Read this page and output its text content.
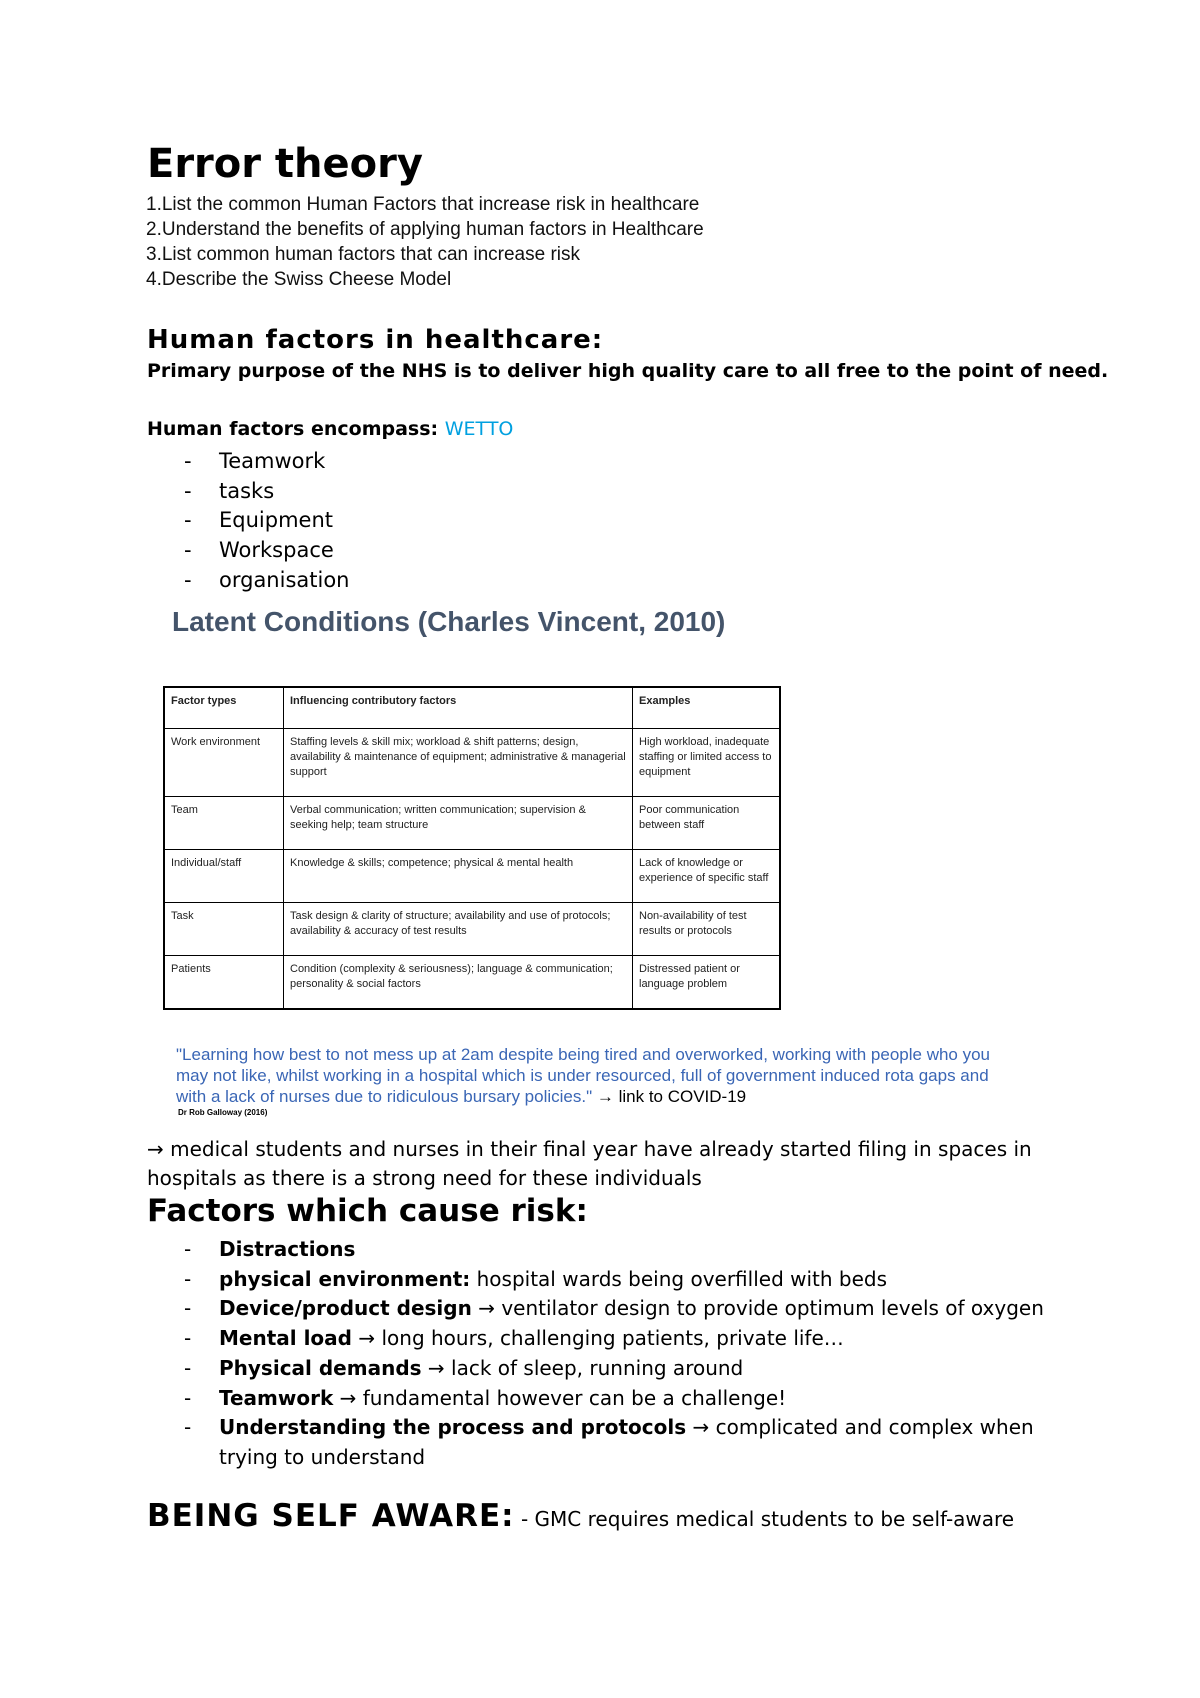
Error theory
1.List the common Human Factors that increase risk in healthcare
2.Understand the benefits of applying human factors in Healthcare
3.List common human factors that can increase risk
4.Describe the Swiss Cheese Model
Human factors in healthcare:

Primary purpose of the NHS is to deliver high quality care to all free to the point of need.

Human factors encompass: WETTO

- Teamwork
- tasks
- Equipment
- Workspace
- organisation
Latent Conditions (Charles Vincent, 2010)
Factor types	Influencing contributory factors	Examples
Work environment	Staffing levels & skill mix; workload & shift patterns; design, availability & maintenance of equipment; administrative & managerial support	High workload, inadequate staffing or limited access to equipment
Team	Verbal communication; written communication; supervision & seeking help; team structure	Poor communication between staff
Individual/staff	Knowledge & skills; competence; physical & mental health	Lack of knowledge or experience of specific staff
Task	Task design & clarity of structure; availability and use of protocols; availability & accuracy of test results	Non-availability of test results or protocols
Patients	Condition (complexity & seriousness); language & communication; personality & social factors	Distressed patient or language problem

"Learning how best to not mess up at 2am despite being tired and overworked, working with people who you may not like, whilst working in a hospital which is under resourced, full of government induced rota gaps and with a lack of nurses due to ridiculous bursary policies." → link to COVID-19

Dr Rob Galloway (2016)

→ medical students and nurses in their final year have already started filing in spaces in hospitals as there is a strong need for these individuals

Factors which cause risk:
- Distractions
- physical environment: hospital wards being overfilled with beds
- Device/product design → ventilator design to provide optimum levels of oxygen
- Mental load → long hours, challenging patients, private life…
- Physical demands → lack of sleep, running around
- Teamwork → fundamental however can be a challenge!
- Understanding the process and protocols → complicated and complex when trying to understand

BEING SELF AWARE: - GMC requires medical students to be self-aware
